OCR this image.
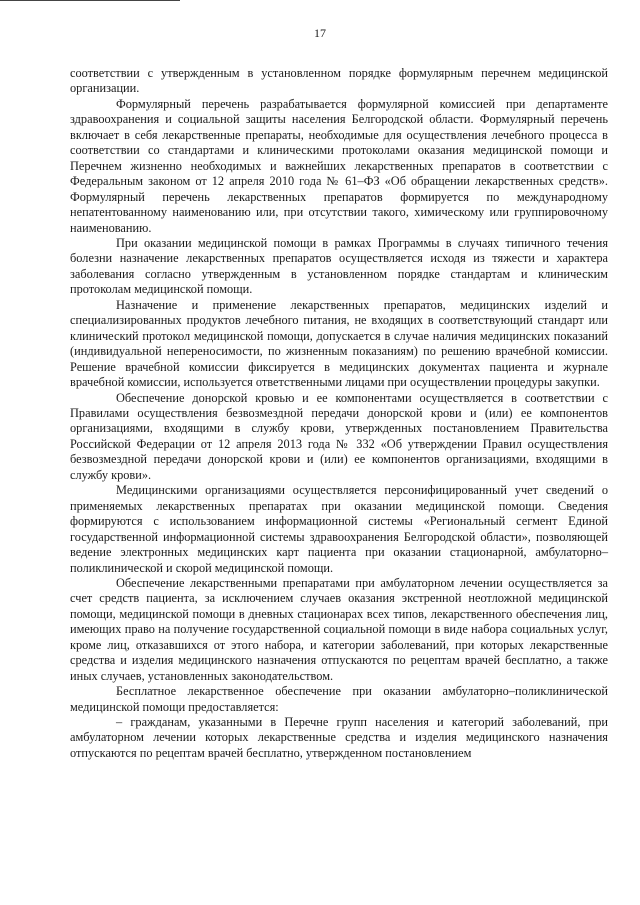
17

соответствии с утвержденным в установленном порядке формулярным перечнем медицинской организации.

Формулярный перечень разрабатывается формулярной комиссией при департаменте здравоохранения и социальной защиты населения Белгородской области. Формулярный перечень включает в себя лекарственные препараты, необходимые для осуществления лечебного процесса в соответствии со стандартами и клиническими протоколами оказания медицинской помощи и Перечнем жизненно необходимых и важнейших лекарственных препаратов в соответствии с Федеральным законом от 12 апреля 2010 года № 61–ФЗ «Об обращении лекарственных средств». Формулярный перечень лекарственных препаратов формируется по международному непатентованному наименованию или, при отсутствии такого, химическому или группировочному наименованию.

При оказании медицинской помощи в рамках Программы в случаях типичного течения болезни назначение лекарственных препаратов осуществляется исходя из тяжести и характера заболевания согласно утвержденным в установленном порядке стандартам и клиническим протоколам медицинской помощи.

Назначение и применение лекарственных препаратов, медицинских изделий и специализированных продуктов лечебного питания, не входящих в соответствующий стандарт или клинический протокол медицинской помощи, допускается в случае наличия медицинских показаний (индивидуальной непереносимости, по жизненным показаниям) по решению врачебной комиссии. Решение врачебной комиссии фиксируется в медицинских документах пациента и журнале врачебной комиссии, используется ответственными лицами при осуществлении процедуры закупки.

Обеспечение донорской кровью и ее компонентами осуществляется в соответствии с Правилами осуществления безвозмездной передачи донорской крови и (или) ее компонентов организациями, входящими в службу крови, утвержденных постановлением Правительства Российской Федерации от 12 апреля 2013 года № 332 «Об утверждении Правил осуществления безвозмездной передачи донорской крови и (или) ее компонентов организациями, входящими в службу крови».

Медицинскими организациями осуществляется персонифицированный учет сведений о применяемых лекарственных препаратах при оказании медицинской помощи. Сведения формируются с использованием информационной системы «Региональный сегмент Единой государственной информационной системы здравоохранения Белгородской области», позволяющей ведение электронных медицинских карт пациента при оказании стационарной, амбулаторно–поликлинической и скорой медицинской помощи.

Обеспечение лекарственными препаратами при амбулаторном лечении осуществляется за счет средств пациента, за исключением случаев оказания экстренной неотложной медицинской помощи, медицинской помощи в дневных стационарах всех типов, лекарственного обеспечения лиц, имеющих право на получение государственной социальной помощи в виде набора социальных услуг, кроме лиц, отказавшихся от этого набора, и категории заболеваний, при которых лекарственные средства и изделия медицинского назначения отпускаются по рецептам врачей бесплатно, а также иных случаев, установленных законодательством.

Бесплатное лекарственное обеспечение при оказании амбулаторно–поликлинической медицинской помощи предоставляется:

– гражданам, указанными в Перечне групп населения и категорий заболеваний, при амбулаторном лечении которых лекарственные средства и изделия медицинского назначения отпускаются по рецептам врачей бесплатно, утвержденном постановлением
